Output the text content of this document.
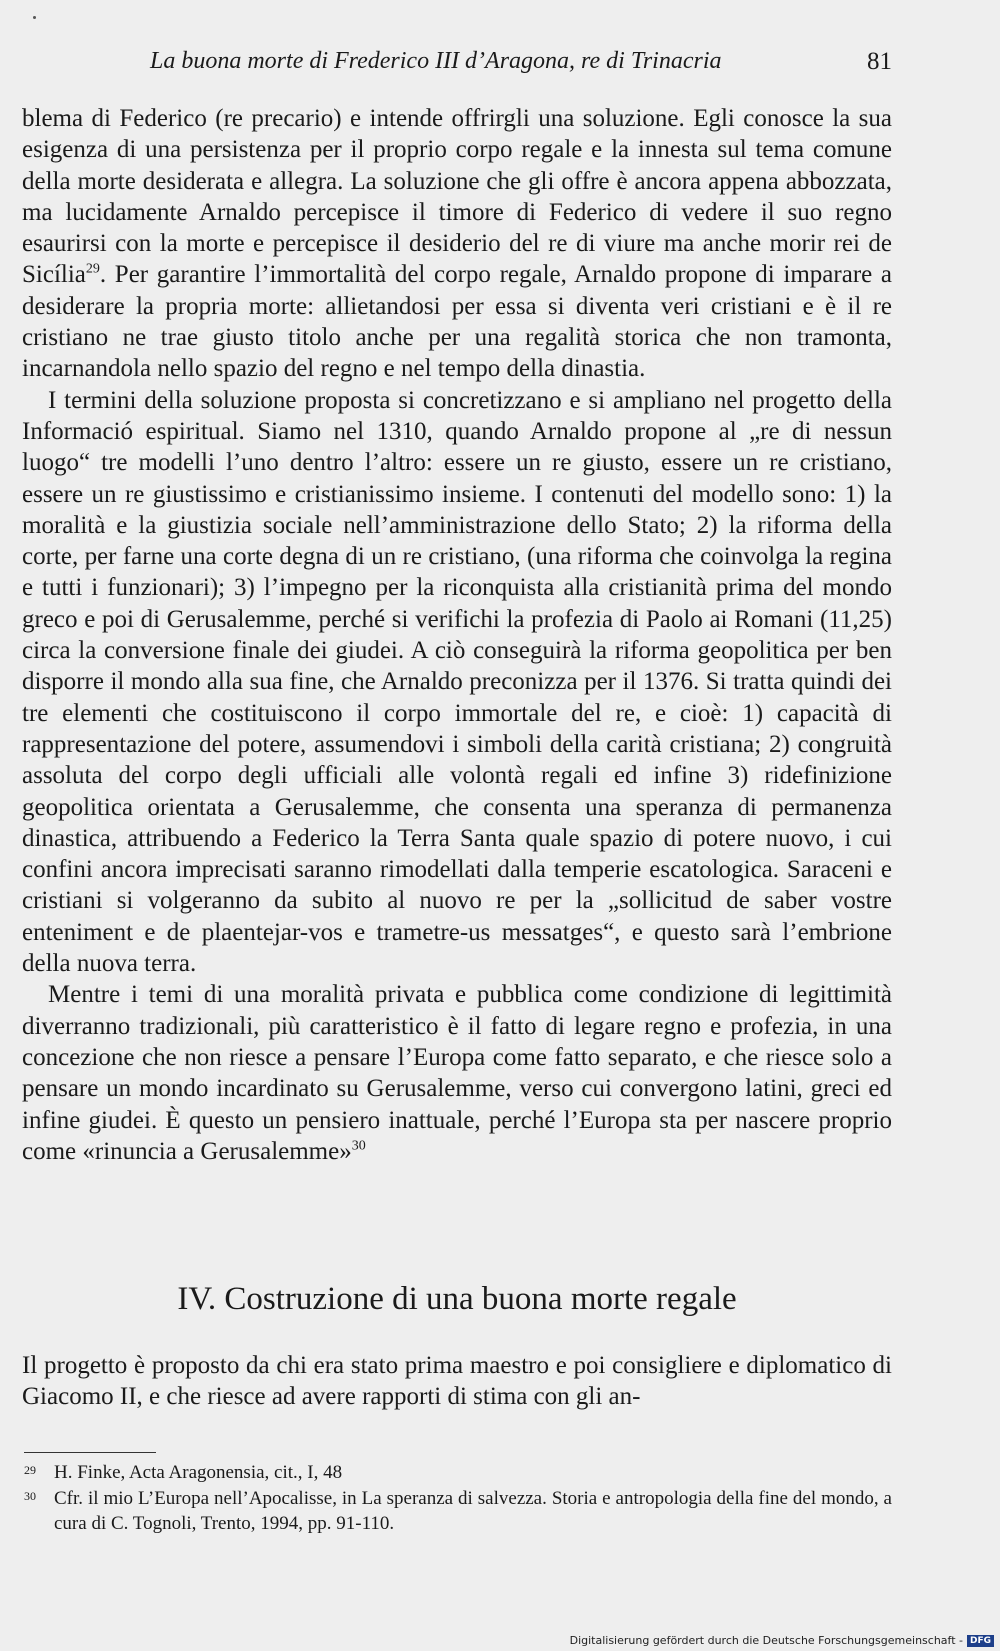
La buona morte di Frederico III d’Aragona, re di Trinacria	81

blema di Federico (re precario) e intende offrirgli una soluzione. Egli conosce la sua esigenza di una persistenza per il proprio corpo regale e la innesta sul tema comune della morte desiderata e allegra. La soluzione che gli offre è ancora appena abbozzata, ma lucidamente Arnaldo percepisce il timore di Federico di vedere il suo regno esaurirsi con la morte e percepisce il desiderio del re di viure ma anche morir rei de Sicília$^{29}$. Per garantire l’immortalità del corpo regale, Arnaldo propone di imparare a desiderare la propria morte: allietandosi per essa si diventa veri cristiani e è il re cristiano ne trae giusto titolo anche per una regalità storica che non tramonta, incarnandola nello spazio del regno e nel tempo della dinastia.

I termini della soluzione proposta si concretizzano e si ampliano nel progetto della Informació espiritual. Siamo nel 1310, quando Arnaldo propone al „re di nessun luogo“ tre modelli l’uno dentro l’altro: essere un re giusto, essere un re cristiano, essere un re giustissimo e cristianissimo insieme. I contenuti del modello sono: 1) la moralità e la giustizia sociale nell’amministrazione dello Stato; 2) la riforma della corte, per farne una corte degna di un re cristiano, (una riforma che coinvolga la regina e tutti i funzionari); 3) l’impegno per la riconquista alla cristianità prima del mondo greco e poi di Gerusalemme, perché si verifichi la profezia di Paolo ai Romani (11,25) circa la conversione finale dei giudei. A ciò conseguirà la riforma geopolitica per ben disporre il mondo alla sua fine, che Arnaldo preconizza per il 1376. Si tratta quindi dei tre elementi che costituiscono il corpo immortale del re, e cioè: 1) capacità di rappresentazione del potere, assumendovi i simboli della carità cristiana; 2) congruità assoluta del corpo degli ufficiali alle volontà regali ed infine 3) ridefinizione geopolitica orientata a Gerusalemme, che consenta una speranza di permanenza dinastica, attribuendo a Federico la Terra Santa quale spazio di potere nuovo, i cui confini ancora imprecisati saranno rimodellati dalla temperie escatologica. Saraceni e cristiani si volgeranno da subito al nuovo re per la „sollicitud de saber vostre enteniment e de plaentejar-vos e trametre-us messatges“, e questo sarà l’embrione della nuova terra.

Mentre i temi di una moralità privata e pubblica come condizione di legittimità diverranno tradizionali, più caratteristico è il fatto di legare regno e profezia, in una concezione che non riesce a pensare l’Europa come fatto separato, e che riesce solo a pensare un mondo incardinato su Gerusalemme, verso cui convergono latini, greci ed infine giudei. È questo un pensiero inattuale, perché l’Europa sta per nascere proprio come «rinuncia a Gerusalemme»$^{30}$

IV. Costruzione di una buona morte regale

Il progetto è proposto da chi era stato prima maestro e poi consigliere e diplomatico di Giacomo II, e che riesce ad avere rapporti di stima con gli an-

29 H. Finke, Acta Aragonensia, cit., I, 48
30 Cfr. il mio L’Europa nell’Apocalisse, in La speranza di salvezza. Storia e antropologia della fine del mondo, a cura di C. Tognoli, Trento, 1994, pp. 91-110.
Digitalisierung gefördert durch die Deutsche Forschungsgemeinschaft - DFG
